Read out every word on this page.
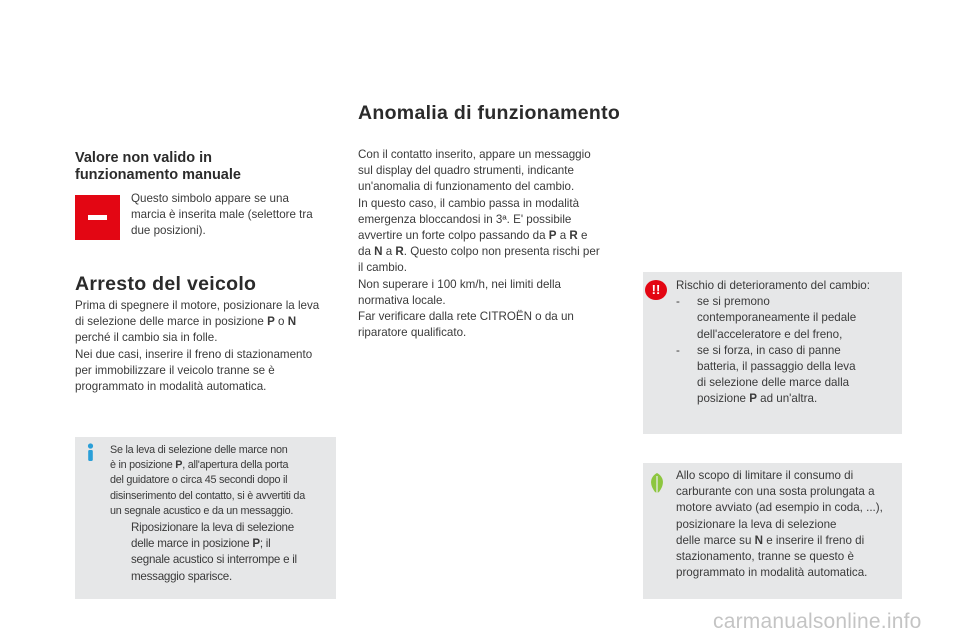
Valore non valido in
funzionamento manuale

Questo simbolo appare se una

marcia è inserita male (selettore tra

due posizioni).

Arresto del veicolo

Prima di spegnere il motore, posizionare la leva

di selezione delle marce in posizione P o N

perché il cambio sia in folle.

Nei due casi, inserire il freno di stazionamento

per immobilizzare il veicolo tranne se è

programmato in modalità automatica.

Se la leva di selezione delle marce non
è in posizione P, all'apertura della porta
del guidatore o circa 45 secondi dopo il
disinserimento del contatto, si è avvertiti da
un segnale acustico e da un messaggio.
Riposizionare la leva di selezione
delle marce in posizione P; il
segnale acustico si interrompe e il
messaggio sparisce.
Anomalia di funzionamento

Con il contatto inserito, appare un messaggio

sul display del quadro strumenti, indicante

un'anomalia di funzionamento del cambio.

In questo caso, il cambio passa in modalità

emergenza bloccandosi in 3ª. E' possibile

avvertire un forte colpo passando da P a R e

da N a R. Questo colpo non presenta rischi per

il cambio.

Non superare i 100 km/h, nei limiti della

normativa locale.

Far verificare dalla rete CITROËN o da un

riparatore qualificato.

!!	Rischio di deterioramento del cambio:
-	se si premono
contemporaneamente il pedale
dell'acceleratore e del freno,
-	se si forza, in caso di panne
batteria, il passaggio della leva
di selezione delle marce dalla
posizione P ad un'altra.

Allo scopo di limitare il consumo di

carburante con una sosta prolungata a

motore avviato (ad esempio in coda, ...),

posizionare la leva di selezione

delle marce su N e inserire il freno di

stazionamento, tranne se questo è

programmato in modalità automatica.

carmanualsonline.info
